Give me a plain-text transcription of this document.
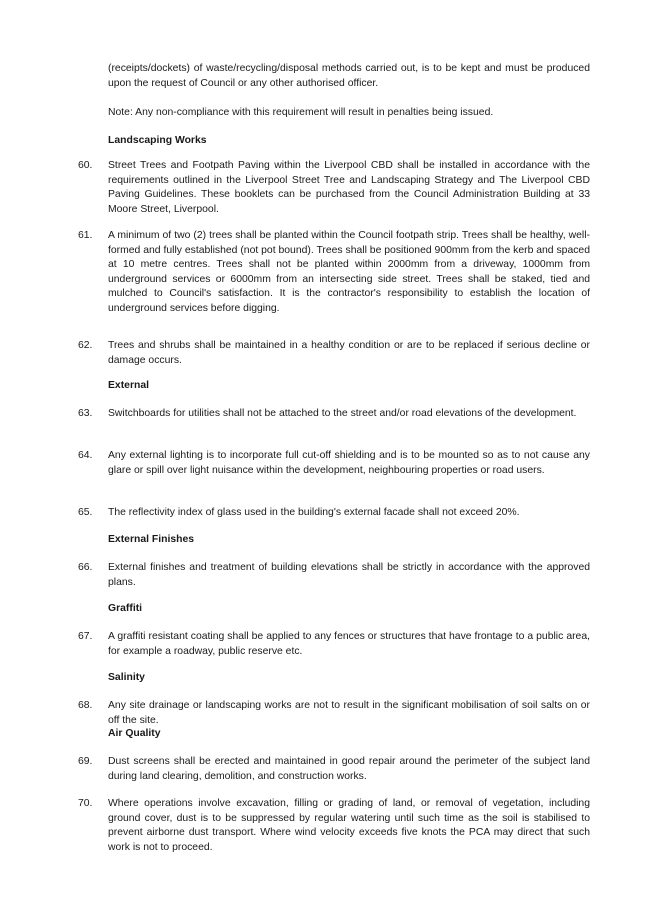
(receipts/dockets) of waste/recycling/disposal methods carried out, is to be kept and must be produced upon the request of Council or any other authorised officer.
Note: Any non-compliance with this requirement will result in penalties being issued.
Landscaping Works
60. Street Trees and Footpath Paving within the Liverpool CBD shall be installed in accordance with the requirements outlined in the Liverpool Street Tree and Landscaping Strategy and The Liverpool CBD Paving Guidelines. These booklets can be purchased from the Council Administration Building at 33 Moore Street, Liverpool.
61. A minimum of two (2) trees shall be planted within the Council footpath strip. Trees shall be healthy, well-formed and fully established (not pot bound). Trees shall be positioned 900mm from the kerb and spaced at 10 metre centres. Trees shall not be planted within 2000mm from a driveway, 1000mm from underground services or 6000mm from an intersecting side street. Trees shall be staked, tied and mulched to Council's satisfaction. It is the contractor's responsibility to establish the location of underground services before digging.
62. Trees and shrubs shall be maintained in a healthy condition or are to be replaced if serious decline or damage occurs.
External
63. Switchboards for utilities shall not be attached to the street and/or road elevations of the development.
64. Any external lighting is to incorporate full cut-off shielding and is to be mounted so as to not cause any glare or spill over light nuisance within the development, neighbouring properties or road users.
65. The reflectivity index of glass used in the building's external facade shall not exceed 20%.
External Finishes
66. External finishes and treatment of building elevations shall be strictly in accordance with the approved plans.
Graffiti
67. A graffiti resistant coating shall be applied to any fences or structures that have frontage to a public area, for example a roadway, public reserve etc.
Salinity
68. Any site drainage or landscaping works are not to result in the significant mobilisation of soil salts on or off the site.
Air Quality
69. Dust screens shall be erected and maintained in good repair around the perimeter of the subject land during land clearing, demolition, and construction works.
70. Where operations involve excavation, filling or grading of land, or removal of vegetation, including ground cover, dust is to be suppressed by regular watering until such time as the soil is stabilised to prevent airborne dust transport. Where wind velocity exceeds five knots the PCA may direct that such work is not to proceed.
